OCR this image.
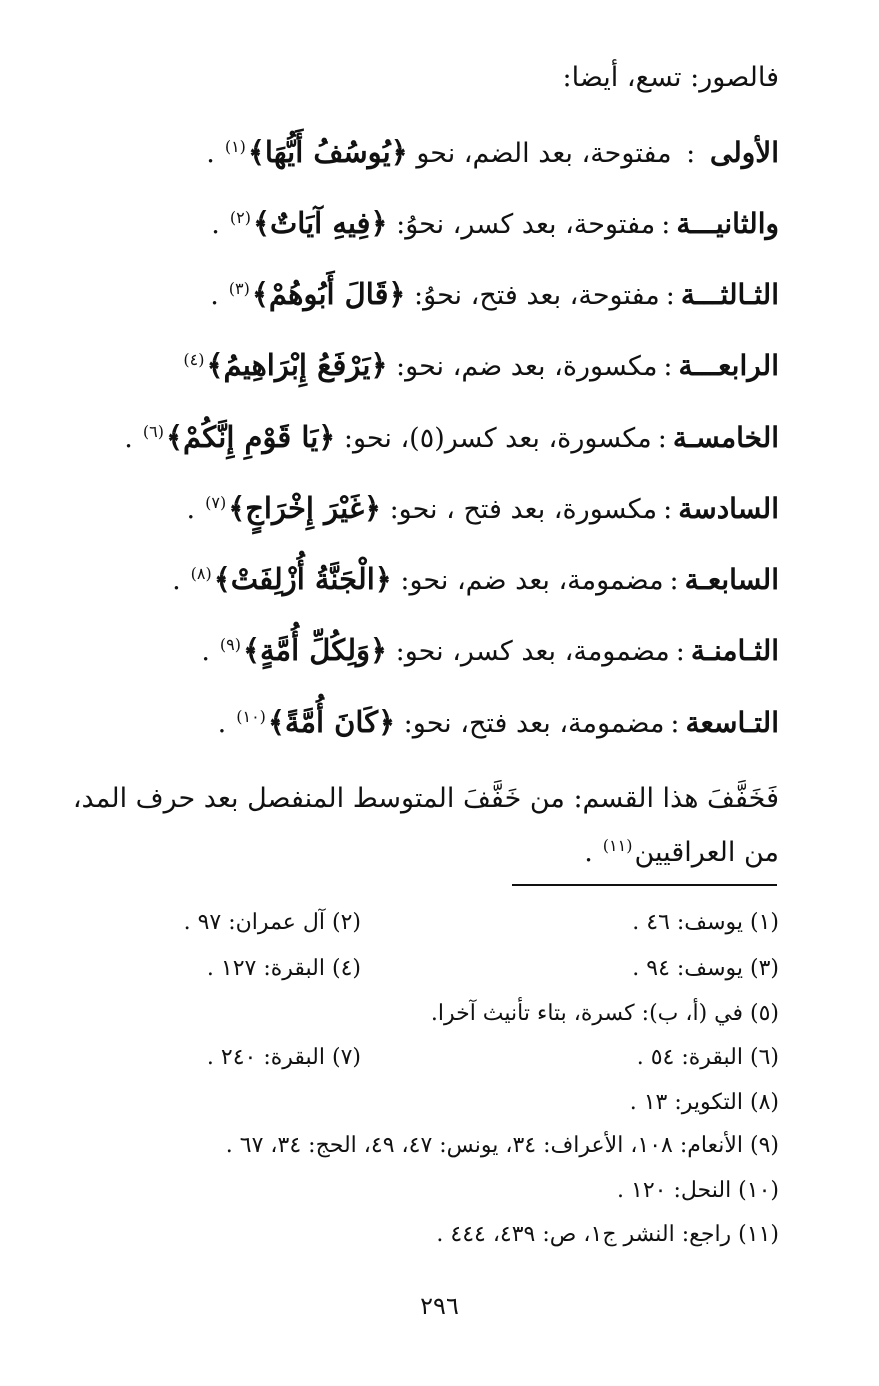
فالصور: تسع، أيضا:
الأولى : مفتوحة، بعد الضم، نحو ﴿يُوسُفُ أَيُّهَا﴾$^{(١)}$.
والثانيـــة:مفتوحة، بعد كسر، نحوُ: ﴿فِيهِ آيَاتٌ﴾$^{(٢)}$.
الثـالثـــة:مفتوحة، بعد فتح، نحوُ: ﴿قَالَ أَبُوهُمْ﴾$^{(٣)}$.
الرابعـــة:مكسورة، بعد ضم، نحو: ﴿يَرْفَعُ إِبْرَاهِيمُ﴾$^{(٤)}$
الخامسـة:مكسورة، بعد كسر(٥)، نحو: ﴿يَا قَوْمِ إِنَّكُمْ﴾$^{(٦)}$.
السادسة:مكسورة، بعد فتح ، نحو: ﴿غَيْرَ إِخْرَاجٍ﴾$^{(٧)}$.
السابعـة:مضمومة، بعد ضم، نحو: ﴿الْجَنَّةُ أُزْلِفَتْ﴾$^{(٨)}$.
الثـامنـة:مضمومة، بعد كسر، نحو: ﴿وَلِكُلِّ أُمَّةٍ﴾$^{(٩)}$.
التـاسعة:مضمومة، بعد فتح، نحو: ﴿كَانَ أُمَّةً﴾$^{(١٠)}$.
فَخَفَّفَ هذا القسم: من خَفَّفَ المتوسط المنفصل بعد حرف المد، من العراقيين$^{(١١)}$.
(١) يوسف: ٤٦ .
(٢) آل عمران: ٩٧ .
(٣) يوسف: ٩٤ .
(٤) البقرة: ١٢٧ .
(٥) في (أ، ب): كسرة، بتاء تأنيث آخرا.
(٦) البقرة: ٥٤ .
(٧) البقرة: ٢٤٠ .
(٨) التكوير: ١٣ .
(٩) الأنعام: ١٠٨، الأعراف: ٣٤، يونس: ٤٧، ٤٩، الحج: ٣٤، ٦٧ .
(١٠) النحل: ١٢٠ .
(١١) راجع: النشر ج١، ص: ٤٣٩، ٤٤٤ .
٢٩٦
